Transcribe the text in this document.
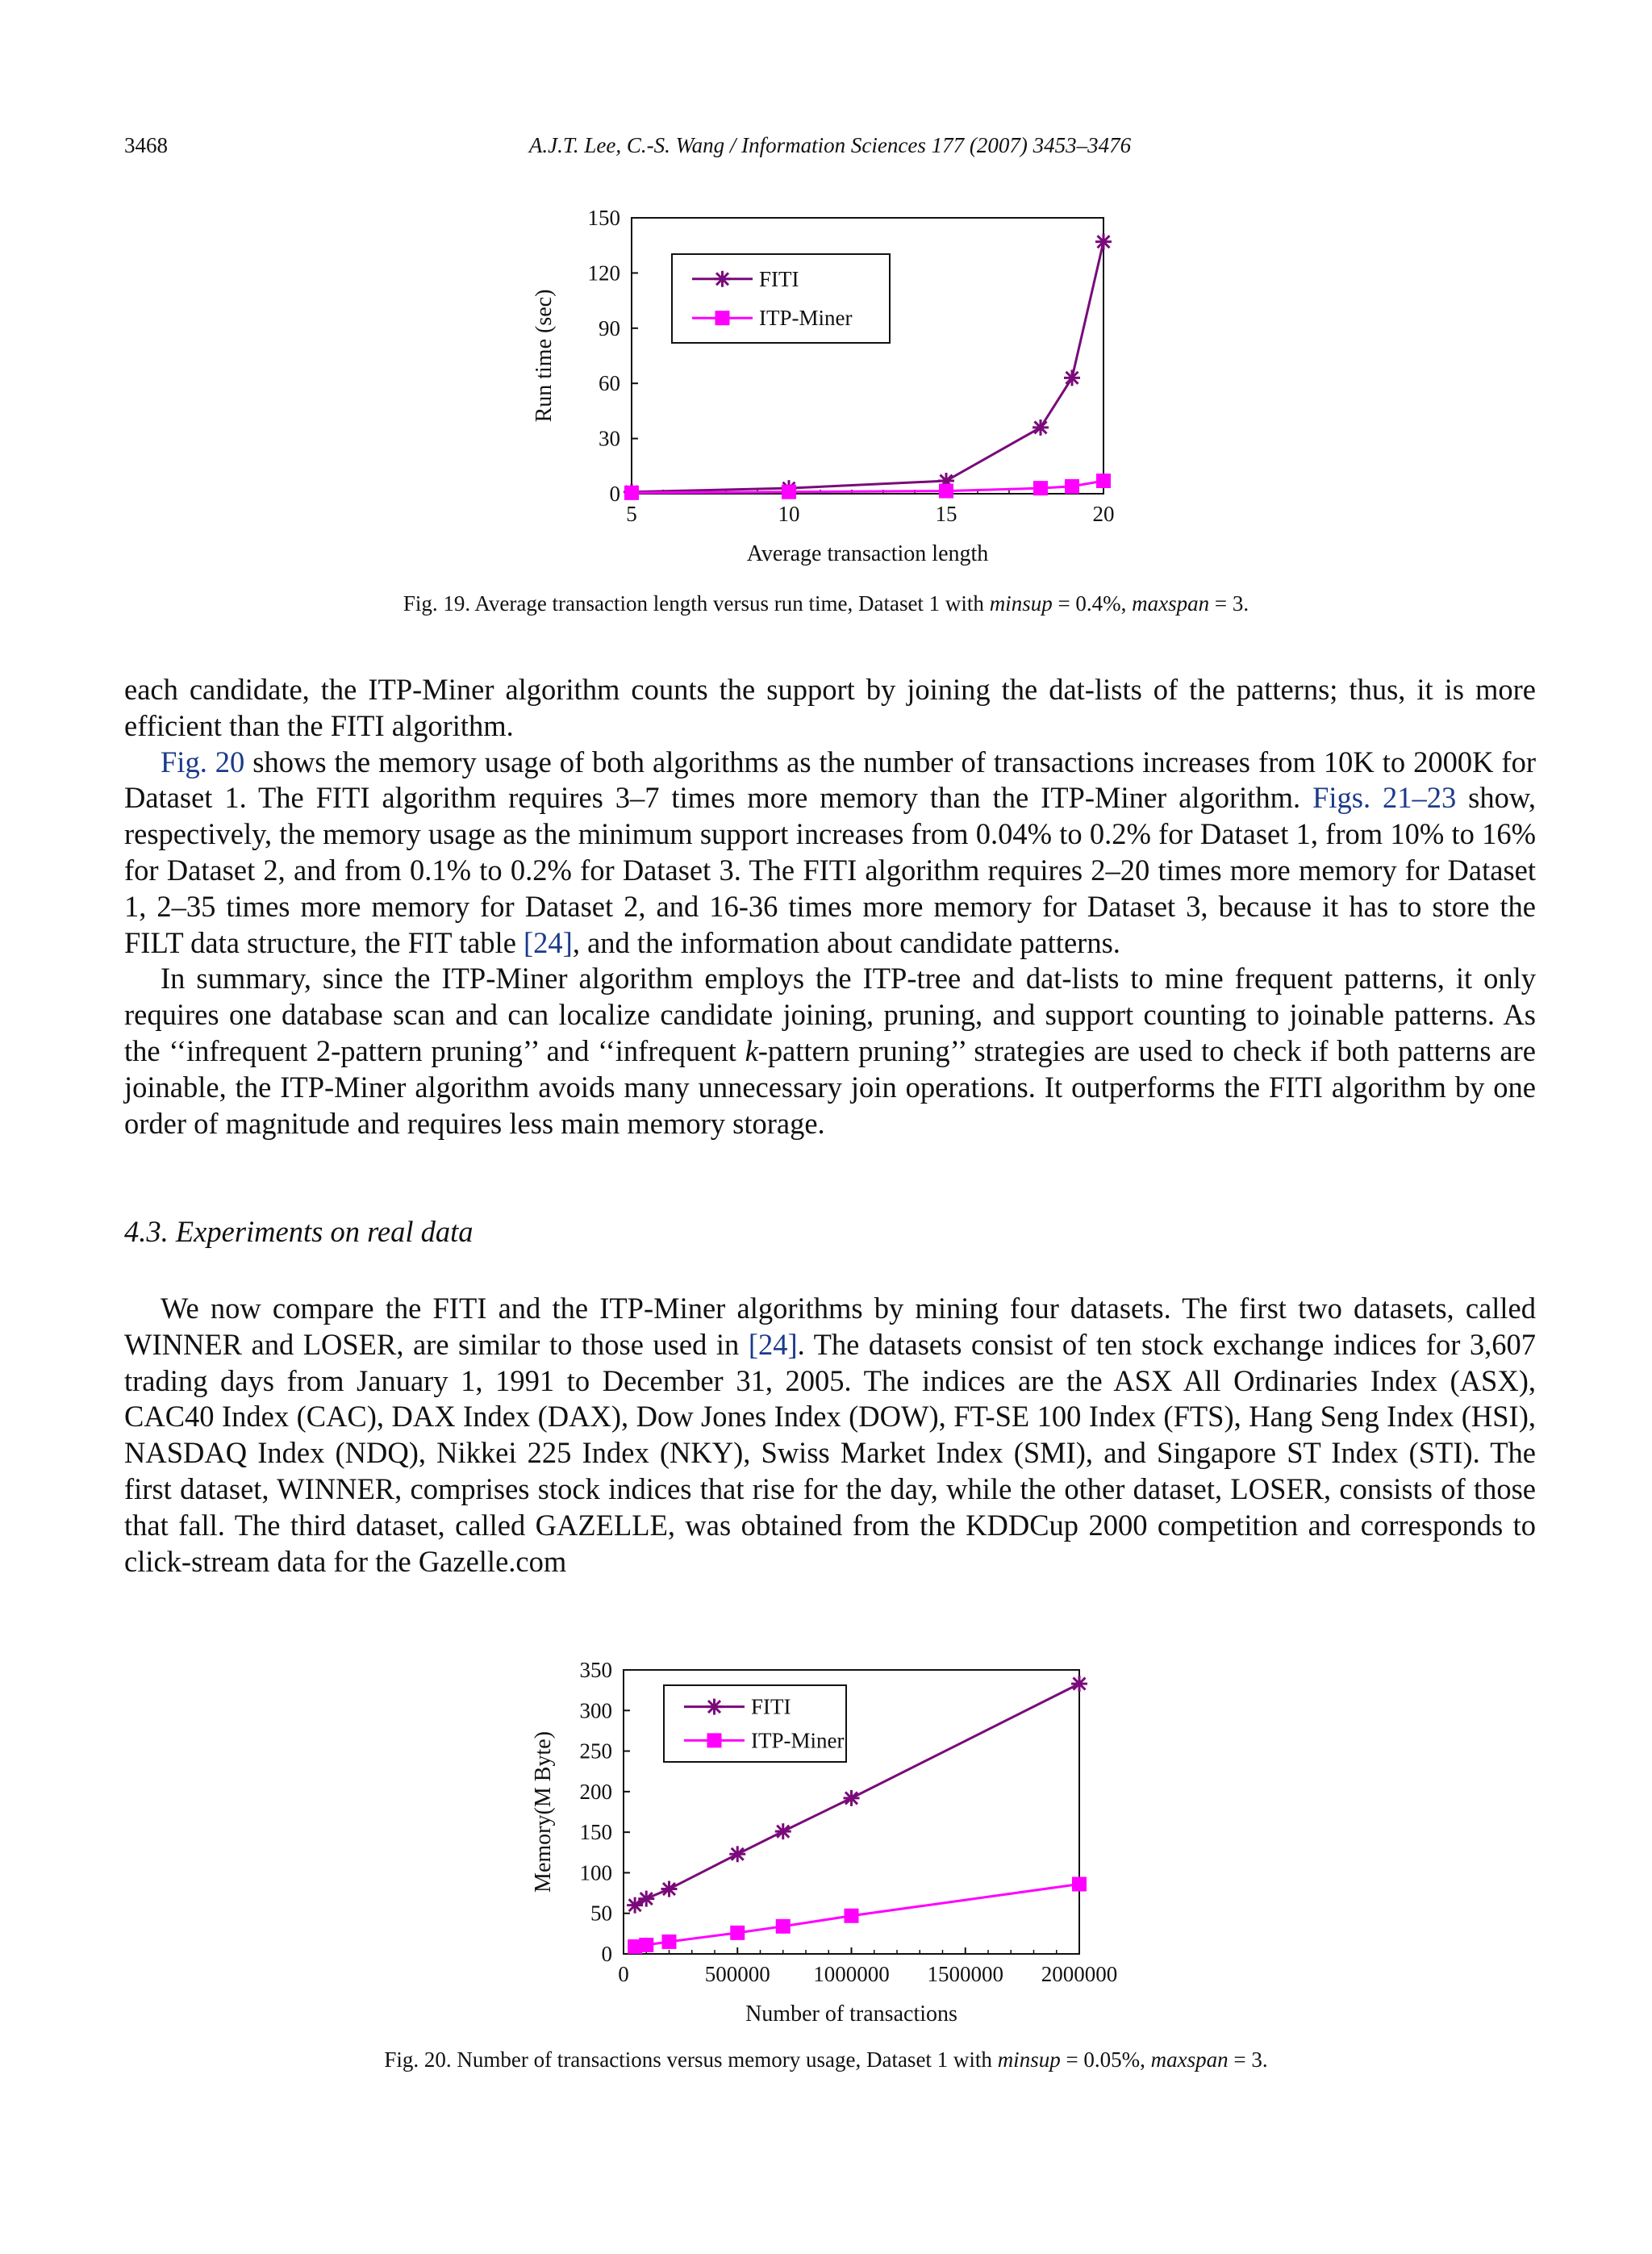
3468	A.J.T. Lee, C.-S. Wang / Information Sciences 177 (2007) 3453–3476
0
30
60
90
120
150
5	10	15	20
Average transaction length
Run time (sec)
FITI
ITP-Miner
Fig. 19. Average transaction length versus run time, Dataset 1 with minsup = 0.4%, maxspan = 3.

each candidate, the ITP-Miner algorithm counts the support by joining the dat-lists of the patterns; thus, it is more efficient than the FITI algorithm.

Fig. 20 shows the memory usage of both algorithms as the number of transactions increases from 10K to 2000K for Dataset 1. The FITI algorithm requires 3–7 times more memory than the ITP-Miner algorithm. Figs. 21–23 show, respectively, the memory usage as the minimum support increases from 0.04% to 0.2% for Dataset 1, from 10% to 16% for Dataset 2, and from 0.1% to 0.2% for Dataset 3. The FITI algorithm requires 2–20 times more memory for Dataset 1, 2–35 times more memory for Dataset 2, and 16-36 times more memory for Dataset 3, because it has to store the FILT data structure, the FIT table [24], and the information about candidate patterns.

In summary, since the ITP-Miner algorithm employs the ITP-tree and dat-lists to mine frequent patterns, it only requires one database scan and can localize candidate joining, pruning, and support counting to joinable patterns. As the ‘‘infrequent 2-pattern pruning’’ and ‘‘infrequent k-pattern pruning’’ strategies are used to check if both patterns are joinable, the ITP-Miner algorithm avoids many unnecessary join operations. It outperforms the FITI algorithm by one order of magnitude and requires less main memory storage.

4.3. Experiments on real data

We now compare the FITI and the ITP-Miner algorithms by mining four datasets. The first two datasets, called WINNER and LOSER, are similar to those used in [24]. The datasets consist of ten stock exchange indices for 3,607 trading days from January 1, 1991 to December 31, 2005. The indices are the ASX All Ordinaries Index (ASX), CAC40 Index (CAC), DAX Index (DAX), Dow Jones Index (DOW), FT-SE 100 Index (FTS), Hang Seng Index (HSI), NASDAQ Index (NDQ), Nikkei 225 Index (NKY), Swiss Market Index (SMI), and Singapore ST Index (STI). The first dataset, WINNER, comprises stock indices that rise for the day, while the other dataset, LOSER, consists of those that fall. The third dataset, called GAZELLE, was obtained from the KDDCup 2000 competition and corresponds to click-stream data for the Gazelle.com

0
50
100
150
200
250
300
350
0	500000 1000000 1500000 2000000
Number of transactions
Memory(M Byte)
FITI
ITP-Miner
Fig. 20. Number of transactions versus memory usage, Dataset 1 with minsup = 0.05%, maxspan = 3.
